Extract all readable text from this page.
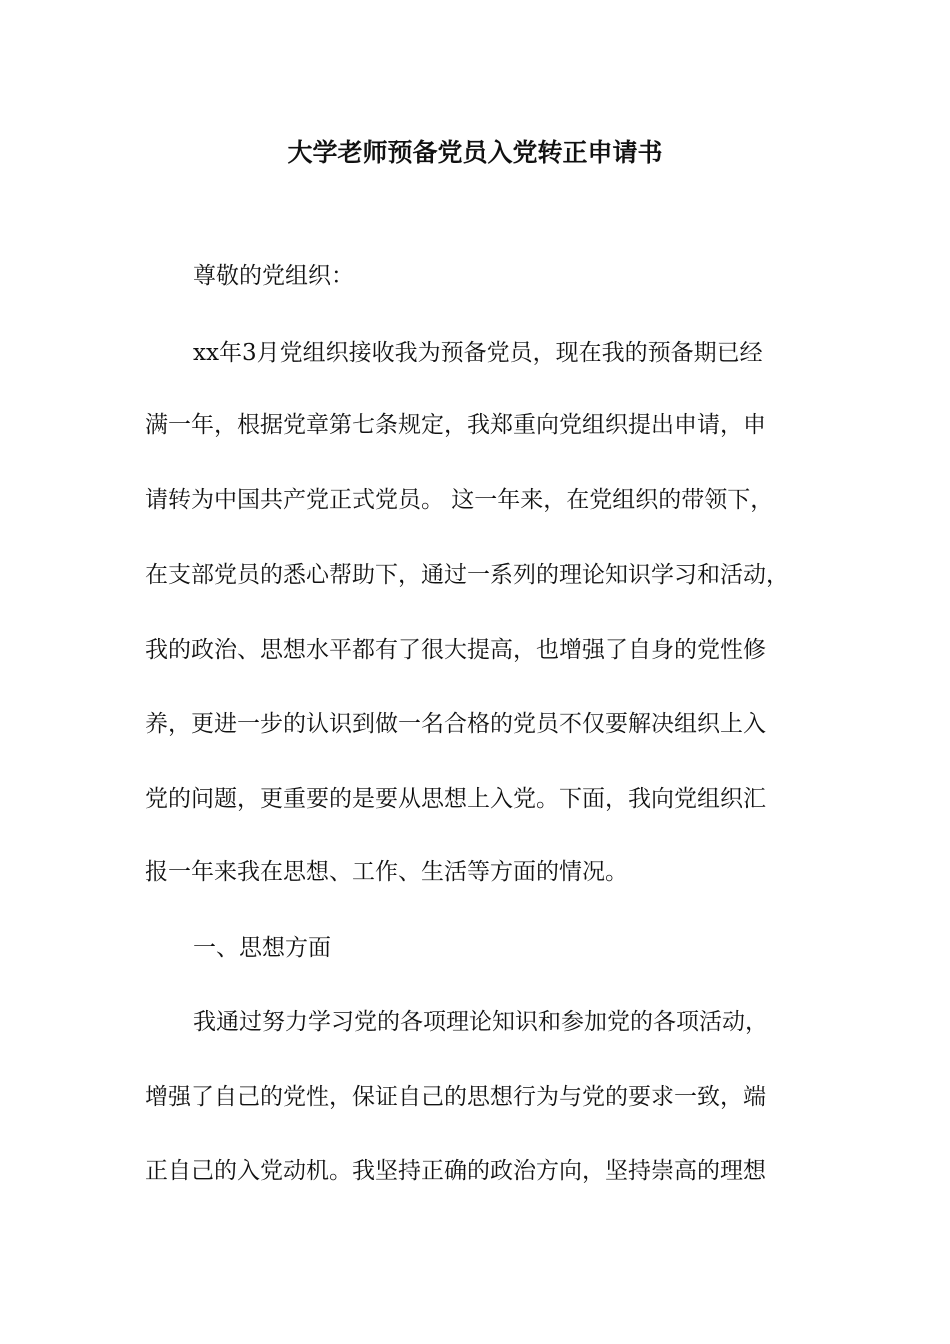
大学老师预备党员入党转正申请书
尊敬的党组织：
xx年3月党组织接收我为预备党员，现在我的预备期已经
满一年，根据党章第七条规定，我郑重向党组织提出申请，申
请转为中国共产党正式党员。 这一年来，在党组织的带领下，
在支部党员的悉心帮助下，通过一系列的理论知识学习和活动，
我的政治、思想水平都有了很大提高，也增强了自身的党性修
养，更进一步的认识到做一名合格的党员不仅要解决组织上入
党的问题，更重要的是要从思想上入党。下面，我向党组织汇
报一年来我在思想、工作、生活等方面的情况。
一、思想方面
我通过努力学习党的各项理论知识和参加党的各项活动，
增强了自己的党性，保证自己的思想行为与党的要求一致，端
正自己的入党动机。我坚持正确的政治方向，坚持崇高的理想
